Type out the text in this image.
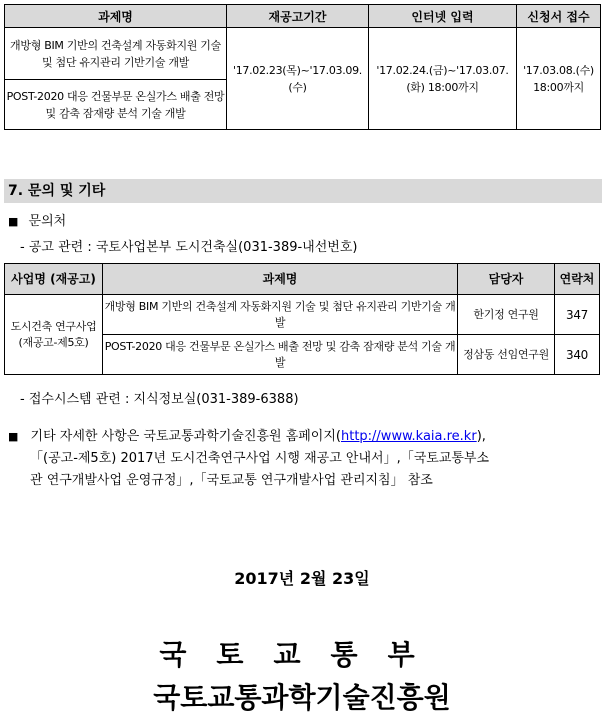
과제명	재공고기간	인터넷 입력	신청서 접수
개방형 BIM 기반의 건축설계 자동화지원 기술 및 첨단 유지관리 기반기술 개발	'17.02.23(목)~'17.03.09.(수)	'17.02.24.(금)~'17.03.07.(화) 18:00까지	'17.03.08.(수) 18:00까지
POST-2020 대응 건물부문 온실가스 배출 전망 및 감축 잠재량 분석 기술 개발			
7. 문의 및 기타
■ 문의처
- 공고 관련 : 국토사업본부 도시건축실(031-389-내선번호)
사업명 (재공고)	과제명	담당자	연락처
도시건축 연구사업 (재공고-제5호)	개방형 BIM 기반의 건축설계 자동화지원 기술 및 첨단 유지관리 기반기술 개발	한기정 연구원	347
	POST-2020 대응 건물부문 온실가스 배출 전망 및 감축 잠재량 분석 기술 개발	정삼동 선임연구원	340
- 접수시스템 관련 : 지식정보실(031-389-6388)
■ 기타 자세한 사항은 국토교통과학기술진흥원 홈페이지(http://www.kaia.re.kr),
「(공고-제5호) 2017년 도시건축연구사업 시행 재공고 안내서」,「국토교통부소
관 연구개발사업 운영규정」,「국토교통 연구개발사업 관리지침」 참조
2017년 2월 23일
국토교통부
국토교통과학기술진흥원
